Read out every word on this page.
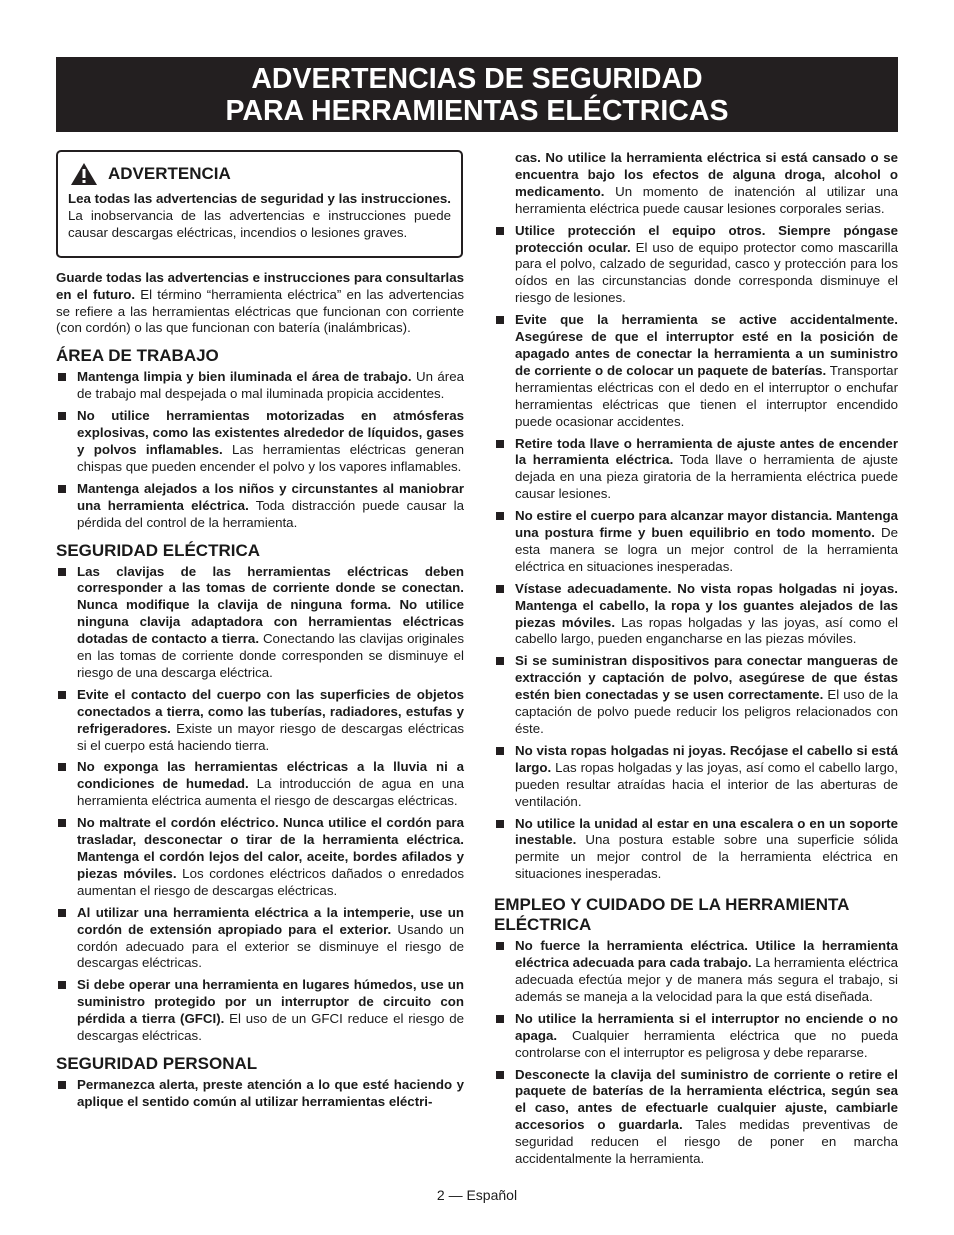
ADVERTENCIAS DE SEGURIDAD
PARA HERRAMIENTAS ELÉCTRICAS
ADVERTENCIA

Lea todas las advertencias de seguridad y las instrucciones. La inobservancia de las advertencias e instrucciones puede causar descargas eléctricas, incendios o lesiones graves.

Guarde todas las advertencias e instrucciones para consultarlas en el futuro. El término “herramienta eléctrica” en las advertencias se refiere a las herramientas eléctricas que funcionan con corriente (con cordón) o las que funcionan con batería (inalámbricas).

ÁREA DE TRABAJO
Mantenga limpia y bien iluminada el área de trabajo. Un área de trabajo mal despejada o mal iluminada propicia accidentes.
No utilice herramientas motorizadas en atmósferas explosivas, como las existentes alrededor de líquidos, gases y polvos inflamables. Las herramientas eléctricas generan chispas que pueden encender el polvo y los vapores inflamables.
Mantenga alejados a los niños y circunstantes al maniobrar una herramienta eléctrica. Toda distracción puede causar la pérdida del control de la herramienta.
SEGURIDAD ELÉCTRICA
Las clavijas de las herramientas eléctricas deben corresponder a las tomas de corriente donde se conectan. Nunca modifique la clavija de ninguna forma. No utilice ninguna clavija adaptadora con herramientas eléctricas dotadas de contacto a tierra. Conectando las clavijas originales en las tomas de corriente donde corresponden se disminuye el riesgo de una descarga eléctrica.
Evite el contacto del cuerpo con las superficies de objetos conectados a tierra, como las tuberías, radiadores, estufas y refrigeradores. Existe un mayor riesgo de descargas eléctricas si el cuerpo está haciendo tierra.
No exponga las herramientas eléctricas a la lluvia ni a condiciones de humedad. La introducción de agua en una herramienta eléctrica aumenta el riesgo de descargas eléctricas.
No maltrate el cordón eléctrico. Nunca utilice el cordón para trasladar, desconectar o tirar de la herramienta eléctrica. Mantenga el cordón lejos del calor, aceite, bordes afilados y piezas móviles. Los cordones eléctricos dañados o enredados aumentan el riesgo de descargas eléctricas.
Al utilizar una herramienta eléctrica a la intemperie, use un cordón de extensión apropiado para el exterior. Usando un cordón adecuado para el exterior se disminuye el riesgo de descargas eléctricas.
Si debe operar una herramienta en lugares húmedos, use un suministro protegido por un interruptor de circuito con pérdida a tierra (GFCI). El uso de un GFCI reduce el riesgo de descargas eléctricas.
SEGURIDAD PERSONAL
Permanezca alerta, preste atención a lo que esté haciendo y aplique el sentido común al utilizar herramientas eléctri-
cas. No utilice la herramienta eléctrica si está cansado o se encuentra bajo los efectos de alguna droga, alcohol o medicamento. Un momento de inatención al utilizar una herramienta eléctrica puede causar lesiones corporales serias.
Utilice protección el equipo otros. Siempre póngase protección ocular. El uso de equipo protector como mascarilla para el polvo, calzado de seguridad, casco y protección para los oídos en las circunstancias donde corresponda disminuye el riesgo de lesiones.
Evite que la herramienta se active accidentalmente. Asegúrese de que el interruptor esté en la posición de apagado antes de conectar la herramienta a un suministro de corriente o de colocar un paquete de baterías. Transportar herramientas eléctricas con el dedo en el interruptor o enchufar herramientas eléctricas que tienen el interruptor encendido puede ocasionar accidentes.
Retire toda llave o herramienta de ajuste antes de encender la herramienta eléctrica. Toda llave o herramienta de ajuste dejada en una pieza giratoria de la herramienta eléctrica puede causar lesiones.
No estire el cuerpo para alcanzar mayor distancia. Mantenga una postura firme y buen equilibrio en todo momento. De esta manera se logra un mejor control de la herramienta eléctrica en situaciones inesperadas.
Vístase adecuadamente. No vista ropas holgadas ni joyas. Mantenga el cabello, la ropa y los guantes alejados de las piezas móviles. Las ropas holgadas y las joyas, así como el cabello largo, pueden engancharse en las piezas móviles.
Si se suministran dispositivos para conectar mangueras de extracción y captación de polvo, asegúrese de que éstas estén bien conectadas y se usen correctamente. El uso de la captación de polvo puede reducir los peligros relacionados con éste.
No vista ropas holgadas ni joyas. Recójase el cabello si está largo. Las ropas holgadas y las joyas, así como el cabello largo, pueden resultar atraídas hacia el interior de las aberturas de ventilación.
No utilice la unidad al estar en una escalera o en un soporte inestable. Una postura estable sobre una superficie sólida permite un mejor control de la herramienta eléctrica en situaciones inesperadas.
EMPLEO Y CUIDADO DE LA HERRAMIENTA ELÉCTRICA
No fuerce la herramienta eléctrica. Utilice la herramienta eléctrica adecuada para cada trabajo. La herramienta eléctrica adecuada efectúa mejor y de manera más segura el trabajo, si además se maneja a la velocidad para la que está diseñada.
No utilice la herramienta si el interruptor no enciende o no apaga. Cualquier herramienta eléctrica que no pueda controlarse con el interruptor es peligrosa y debe repararse.
Desconecte la clavija del suministro de corriente o retire el paquete de baterías de la herramienta eléctrica, según sea el caso, antes de efectuarle cualquier ajuste, cambiarle accesorios o guardarla. Tales medidas preventivas de seguridad reducen el riesgo de poner en marcha accidentalmente la herramienta.
2 — Español
